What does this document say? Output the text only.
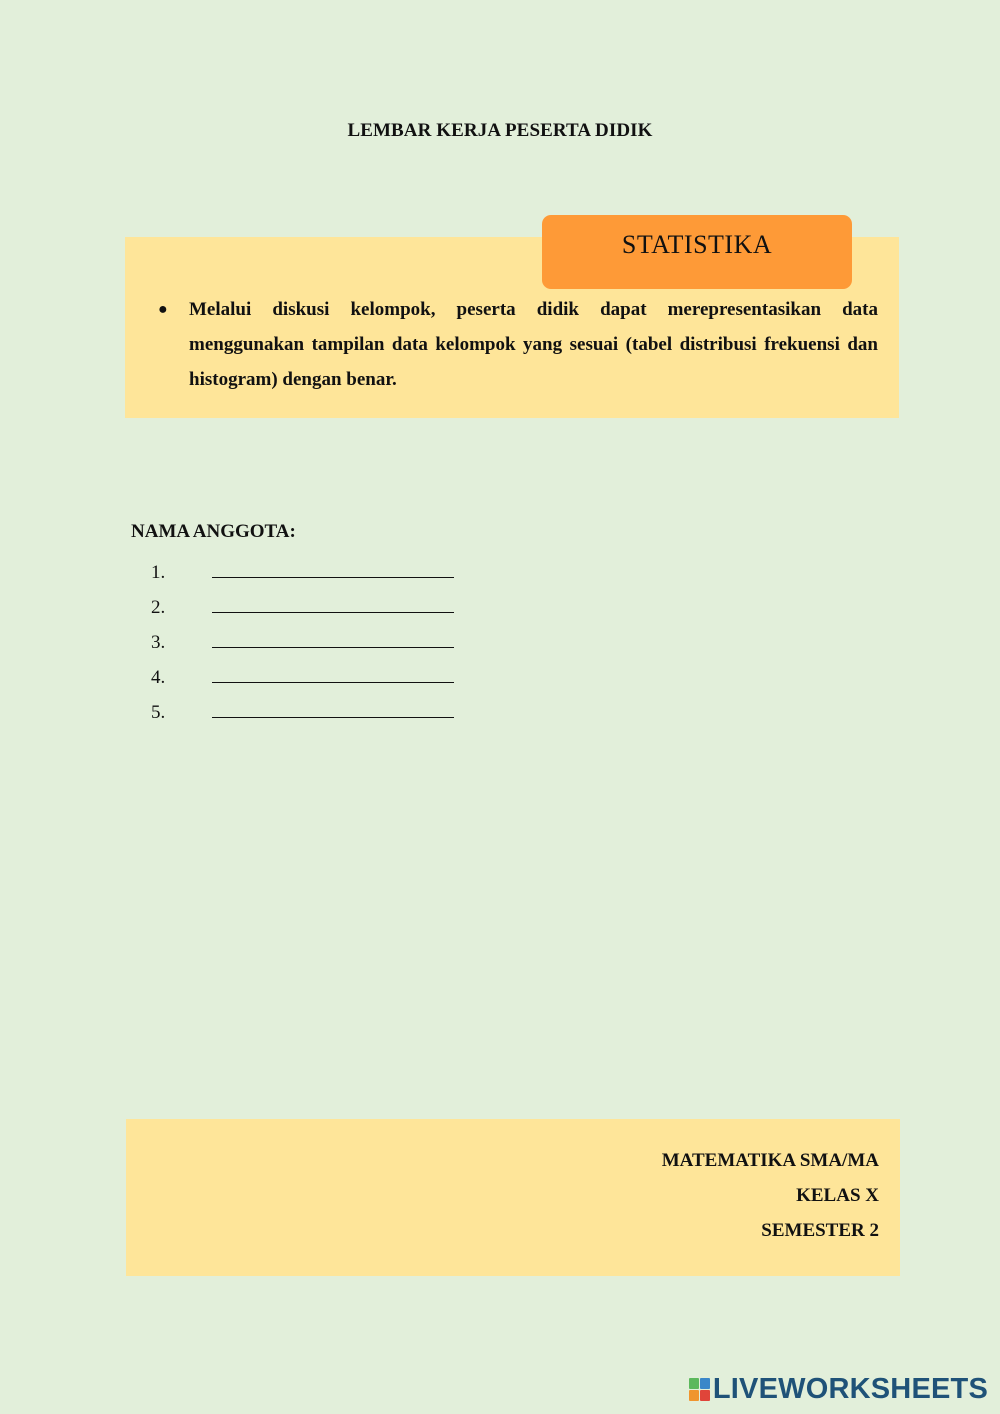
LEMBAR KERJA PESERTA DIDIK
STATISTIKA
●	Melalui diskusi kelompok, peserta didik dapat merepresentasikan data menggunakan tampilan data kelompok yang sesuai (tabel distribusi frekuensi dan histogram) dengan benar.
NAMA ANGGOTA:
1.
2.
3.
4.
5.
MATEMATIKA SMA/MA
KELAS X
SEMESTER 2
LIVEWORKSHEETS
